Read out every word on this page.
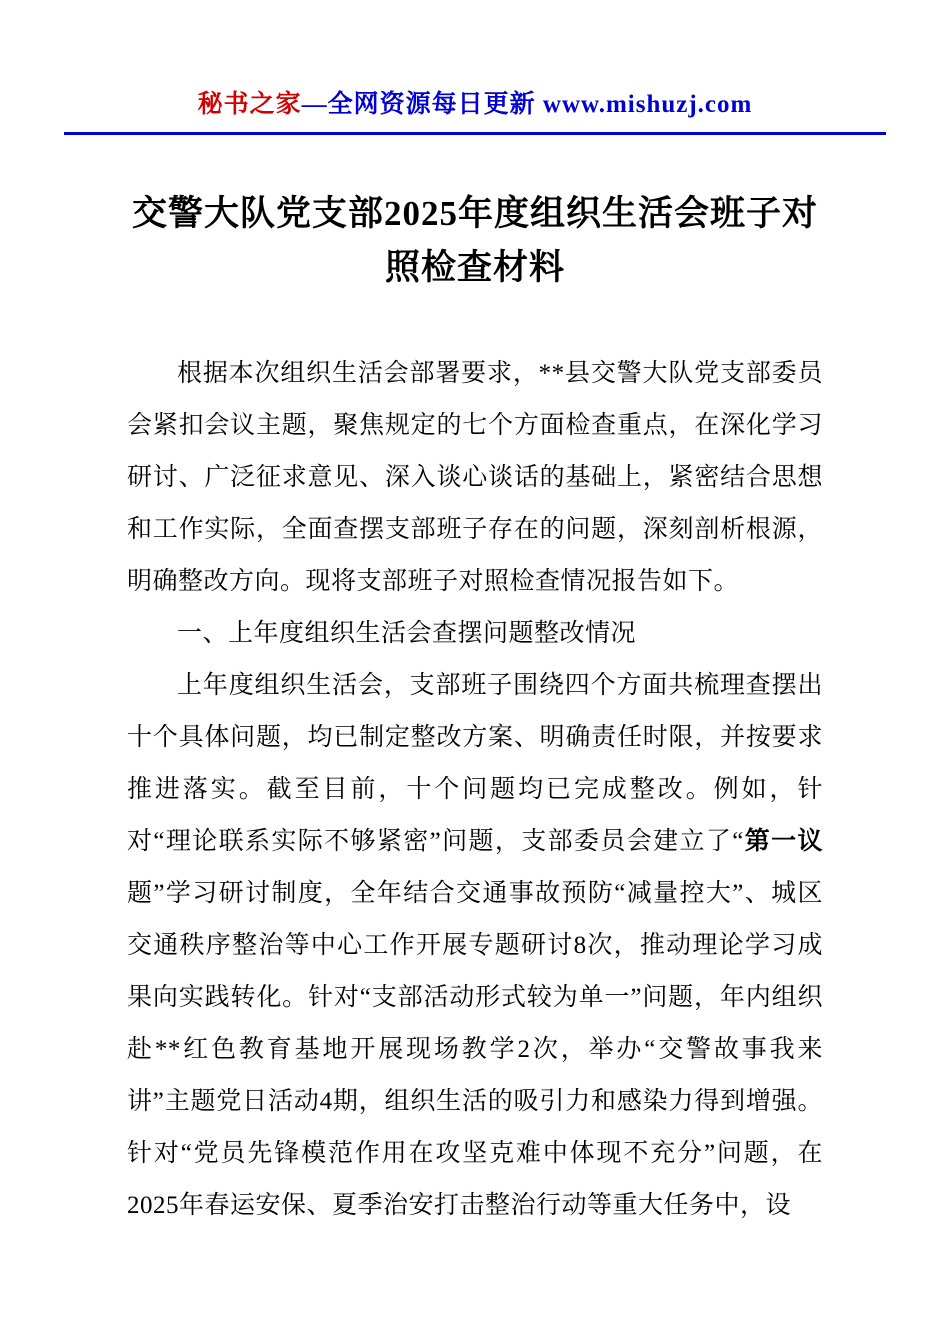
秘书之家—全网资源每日更新 www.mishuzj.com
交警大队党支部2025年度组织生活会班子对照检查材料

根据本次组织生活会部署要求，**县交警大队党支部委员会紧扣会议主题，聚焦规定的七个方面检查重点，在深化学习研讨、广泛征求意见、深入谈心谈话的基础上，紧密结合思想和工作实际，全面查摆支部班子存在的问题，深刻剖析根源，明确整改方向。现将支部班子对照检查情况报告如下。

一、上年度组织生活会查摆问题整改情况

上年度组织生活会，支部班子围绕四个方面共梳理查摆出十个具体问题，均已制定整改方案、明确责任时限，并按要求推进落实。截至目前，十个问题均已完成整改。例如，针对“理论联系实际不够紧密”问题，支部委员会建立了“第一议题”学习研讨制度，全年结合交通事故预防“减量控大”、城区交通秩序整治等中心工作开展专题研讨8次，推动理论学习成果向实践转化。针对“支部活动形式较为单一”问题，年内组织赴**红色教育基地开展现场教学2次，举办“交警故事我来讲”主题党日活动4期，组织生活的吸引力和感染力得到增强。针对“党员先锋模范作用在攻坚克难中体现不充分”问题，在2025年春运安保、夏季治安打击整治行动等重大任务中，设
